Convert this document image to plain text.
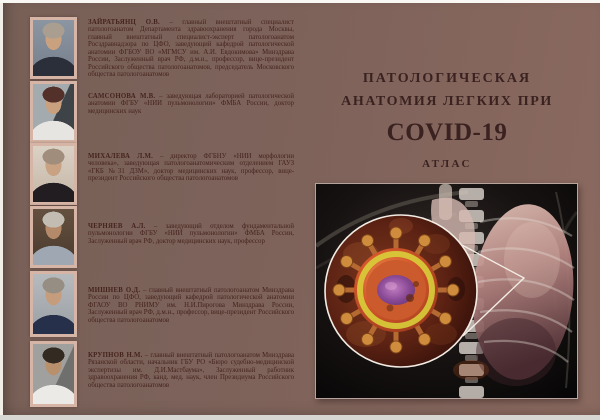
ЗАЙРАТЬЯНЦ О.В. – главный внештатный специалист патологоанатом Департамента здравоохранения города Москвы, главный внештатный специалист-эксперт патологоанатом Росздравнадзора по ЦФО, заведующий кафедрой патологической анатомии ФГБОУ ВО «МГМСУ им. А.И. Евдокимова» Минздрава России, Заслуженный врач РФ, д.м.н., профессор, вице-президент Российского общества патологоанатомов, председатель Московского общества патологоанатомов

САМСОНОВА М.В. – заведующая лабораторией патологической анатомии ФГБУ «НИИ пульмонологии» ФМБА России, доктор медицинских наук

МИХАЛЕВА Л.М. – директор ФГБНУ «НИИ морфологии человека», заведующая патологоанатомическим отделением ГАУЗ «ГКБ №31 ДЗМ», доктор медицинских наук, профессор, вице-президент Российского общества патологоанатомов

ЧЕРНЯЕВ А.Л. – заведующий отделом фундаментальной пульмонологии ФГБУ «НИИ пульмонологии» ФМБА России, Заслуженный врач РФ, доктор медицинских наук, профессор

МИШНЕВ О.Д. – главный внештатный патологоанатом Минздрава России по ЦФО, заведующий кафедрой патологической анатомии ФГАОУ ВО РНИМУ им. Н.И.Пирогова Минздрава России, Заслуженный врач РФ, д.м.н., профессор, вице-президент Российского общества патологоанатомов

КРУПНОВ Н.М. – главный внештатный патологоанатом Минздрава Рязанской области, начальник ГБУ РО «Бюро судебно-медицинской экспертизы им. Д.И.Мастбаума», Заслуженный работник здравоохранения РФ, канд. мед. наук, член Президиума Российского общества патологоанатомов

ПАТОЛОГИЧЕСКАЯ
АНАТОМИЯ ЛЕГКИХ ПРИ
COVID-19
АТЛАС
